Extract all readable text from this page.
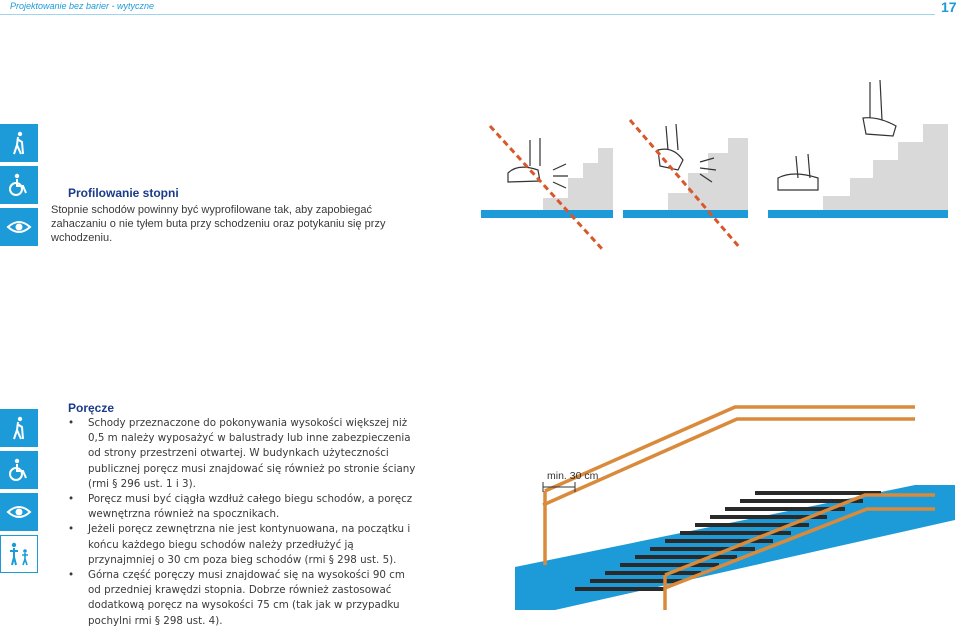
Projektowanie bez barier - wytyczne	17
Profilowanie stopni
Stopnie schodów powinny być wyprofilowane tak, aby zapobiegać zahaczaniu o nie tyłem buta przy schodzeniu oraz potykaniu się przy wchodzeniu.
Poręcze
• Schody przeznaczone do pokonywania wysokości większej niż 0,5 m należy wyposażyć w balustrady lub inne zabezpieczenia od strony przestrzeni otwartej. W budynkach użyteczności publicznej poręcz musi znajdować się również po stronie ściany (rmi § 296 ust. 1 i 3).
• Poręcz musi być ciągła wzdłuż całego biegu schodów, a poręcz wewnętrzna również na spocznikach.
• Jeżeli poręcz zewnętrzna nie jest kontynuowana, na początku i końcu każdego biegu schodów należy przedłużyć ją przynajmniej o 30 cm poza bieg schodów (rmi § 298 ust. 5).
• Górna część poręczy musi znajdować się na wysokości 90 cm od przedniej krawędzi stopnia. Dobrze również zastosować dodatkową poręcz na wysokości 75 cm (tak jak w przypadku pochylni rmi § 298 ust. 4).
min. 30 cm
